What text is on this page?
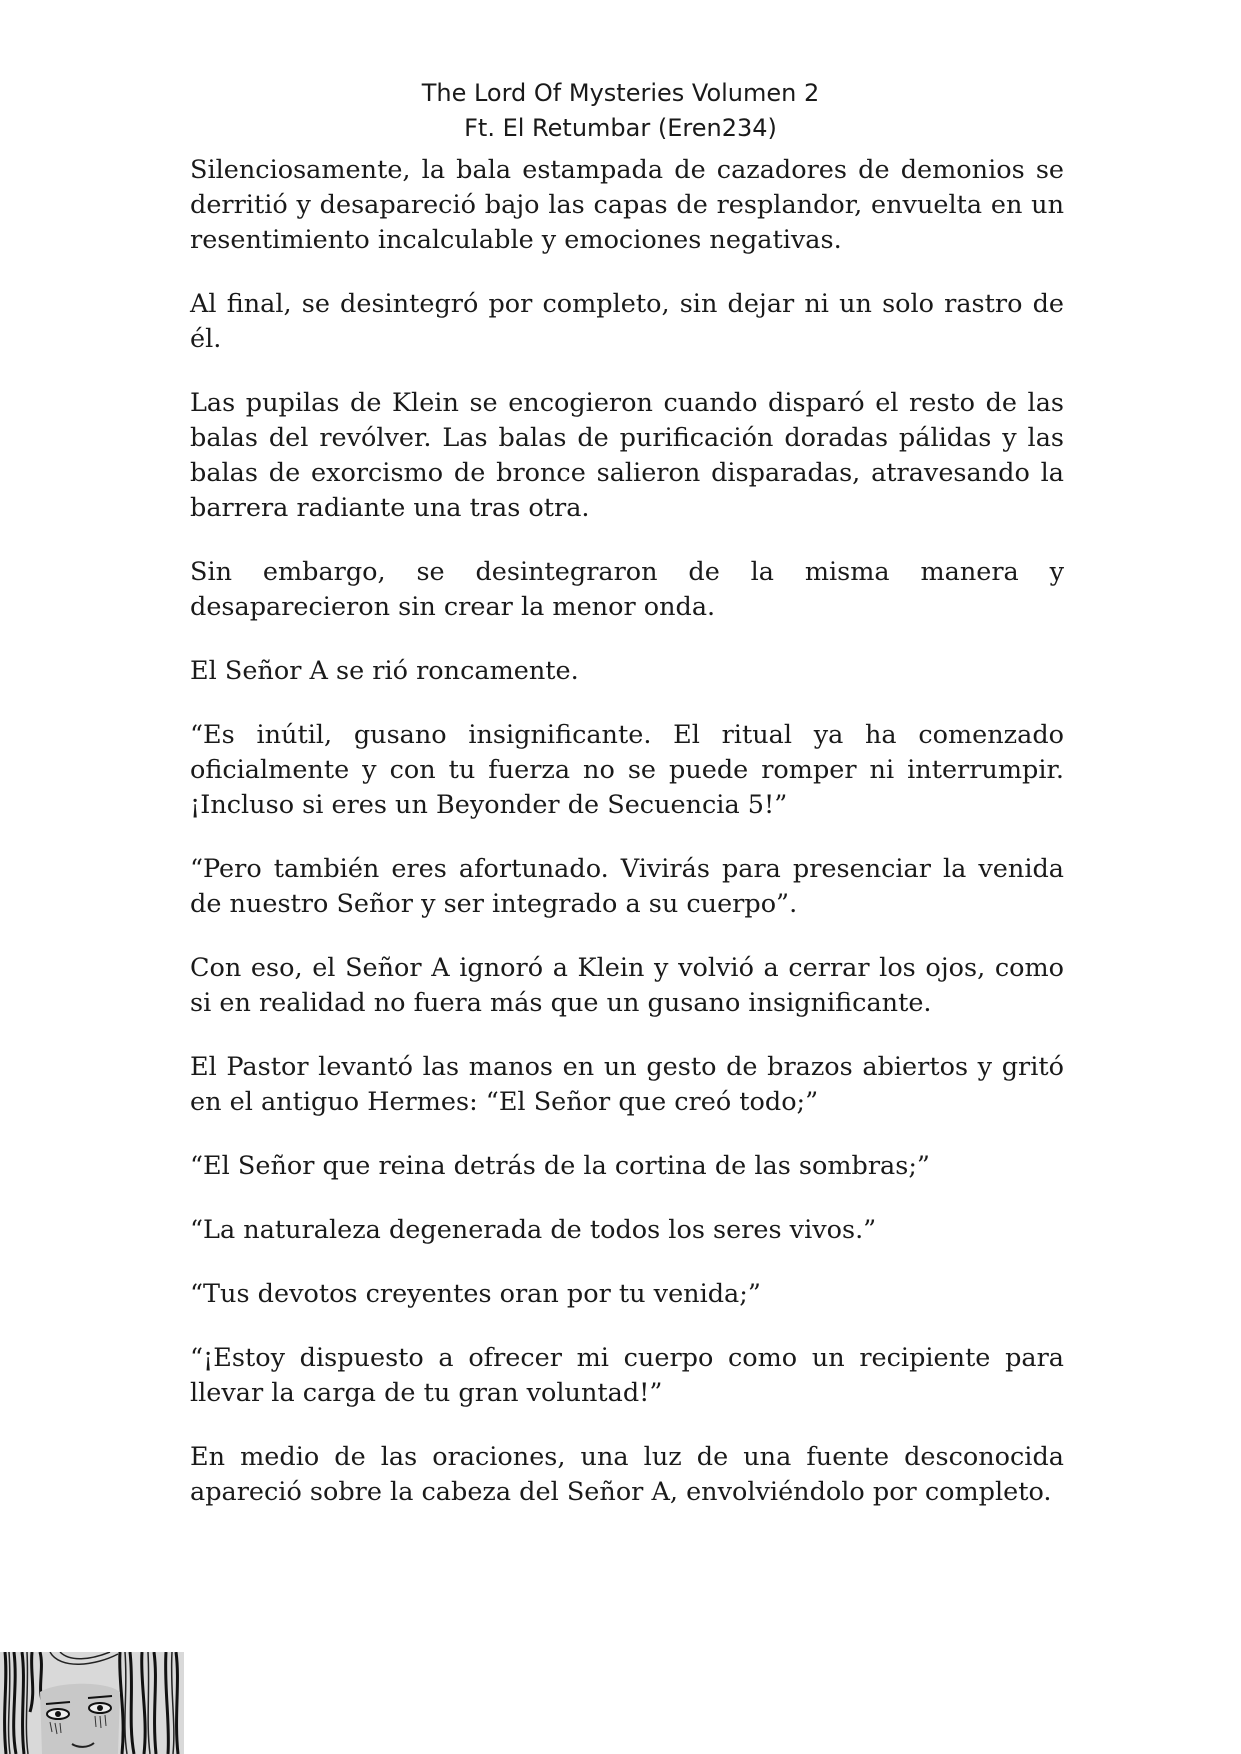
The Lord Of Mysteries Volumen 2
Ft. El Retumbar (Eren234)

Silenciosamente, la bala estampada de cazadores de demonios se derritió y desapareció bajo las capas de resplandor, envuelta en un resentimiento incalculable y emociones negativas.

Al final, se desintegró por completo, sin dejar ni un solo rastro de él.

Las pupilas de Klein se encogieron cuando disparó el resto de las balas del revólver. Las balas de purificación doradas pálidas y las balas de exorcismo de bronce salieron disparadas, atravesando la barrera radiante una tras otra.

Sin embargo, se desintegraron de la misma manera y desaparecieron sin crear la menor onda.

El Señor A se rió roncamente.

“Es inútil, gusano insignificante. El ritual ya ha comenzado oficialmente y con tu fuerza no se puede romper ni interrumpir. ¡Incluso si eres un Beyonder de Secuencia 5!”

“Pero también eres afortunado. Vivirás para presenciar la venida de nuestro Señor y ser integrado a su cuerpo”.

Con eso, el Señor A ignoró a Klein y volvió a cerrar los ojos, como si en realidad no fuera más que un gusano insignificante.

El Pastor levantó las manos en un gesto de brazos abiertos y gritó en el antiguo Hermes: “El Señor que creó todo;”

“El Señor que reina detrás de la cortina de las sombras;”

“La naturaleza degenerada de todos los seres vivos.”

“Tus devotos creyentes oran por tu venida;”

“¡Estoy dispuesto a ofrecer mi cuerpo como un recipiente para llevar la carga de tu gran voluntad!”

En medio de las oraciones, una luz de una fuente desconocida apareció sobre la cabeza del Señor A, envolviéndolo por completo.
